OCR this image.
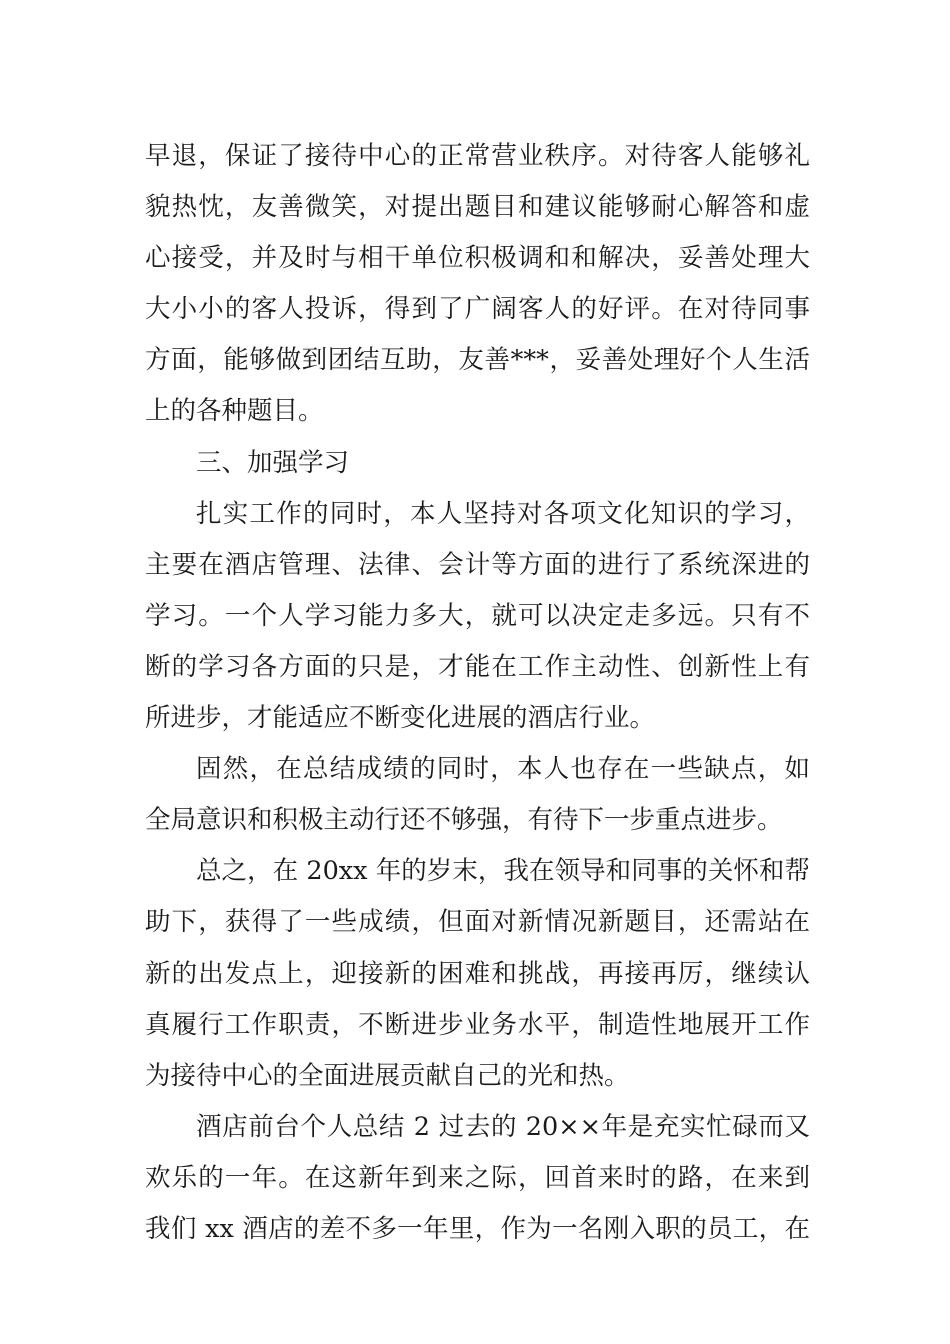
早退，保证了接待中心的正常营业秩序。对待客人能够礼
貌热忱，友善微笑，对提出题目和建议能够耐心解答和虚
心接受，并及时与相干单位积极调和和解决，妥善处理大
大小小的客人投诉，得到了广阔客人的好评。在对待同事
方面，能够做到团结互助，友善***，妥善处理好个人生活
上的各种题目。
三、加强学习
扎实工作的同时，本人坚持对各项文化知识的学习，
主要在酒店管理、法律、会计等方面的进行了系统深进的
学习。一个人学习能力多大，就可以决定走多远。只有不
断的学习各方面的只是，才能在工作主动性、创新性上有
所进步，才能适应不断变化进展的酒店行业。
固然，在总结成绩的同时，本人也存在一些缺点，如
全局意识和积极主动行还不够强，有待下一步重点进步。
总之，在 20xx 年的岁末，我在领导和同事的关怀和帮
助下，获得了一些成绩，但面对新情况新题目，还需站在
新的出发点上，迎接新的困难和挑战，再接再厉，继续认
真履行工作职责，不断进步业务水平，制造性地展开工作
为接待中心的全面进展贡献自己的光和热。
酒店前台个人总结 2 过去的 20××年是充实忙碌而又
欢乐的一年。在这新年到来之际，回首来时的路，在来到
我们 xx 酒店的差不多一年里，作为一名刚入职的员工，在
